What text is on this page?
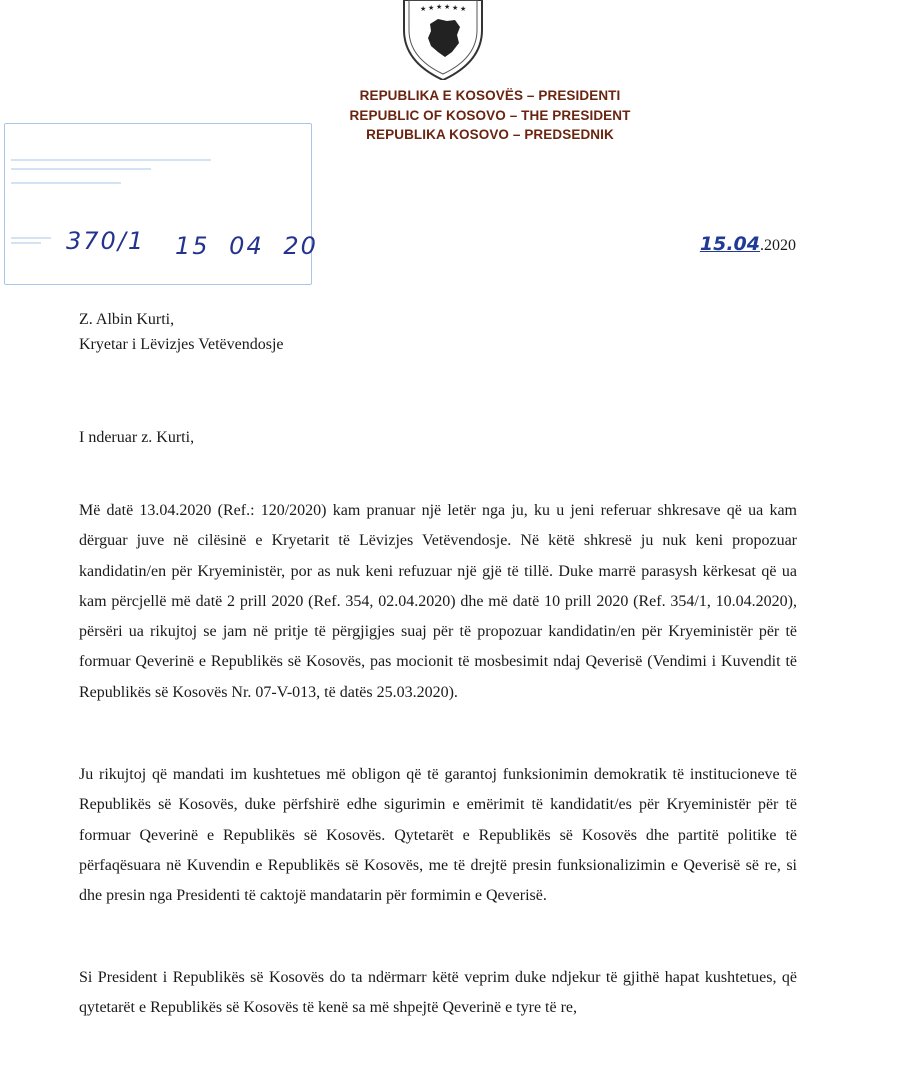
★ ★ ★ ★ ★ ★
REPUBLIKA E KOSOVËS – PRESIDENTI
REPUBLIC OF KOSOVO – THE PRESIDENT
REPUBLIKA KOSOVO – PREDSEDNIK
370/1 15 04 20	15.04.2020
Z. Albin Kurti,
Kryetar i Lëvizjes Vetëvendosje
I nderuar z. Kurti,
Më datë 13.04.2020 (Ref.: 120/2020) kam pranuar një letër nga ju, ku u jeni referuar shkresave që ua kam dërguar juve në cilësinë e Kryetarit të Lëvizjes Vetëvendosje. Në këtë shkresë ju nuk keni propozuar kandidatin/en për Kryeministër, por as nuk keni refuzuar një gjë të tillë. Duke marrë parasysh kërkesat që ua kam përcjellë më datë 2 prill 2020 (Ref. 354, 02.04.2020) dhe më datë 10 prill 2020 (Ref. 354/1, 10.04.2020), përsëri ua rikujtoj se jam në pritje të përgjigjes suaj për të propozuar kandidatin/en për Kryeministër për të formuar Qeverinë e Republikës së Kosovës, pas mocionit të mosbesimit ndaj Qeverisë (Vendimi i Kuvendit të Republikës së Kosovës Nr. 07-V-013, të datës 25.03.2020).
Ju rikujtoj që mandati im kushtetues më obligon që të garantoj funksionimin demokratik të institucioneve të Republikës së Kosovës, duke përfshirë edhe sigurimin e emërimit të kandidatit/es për Kryeministër për të formuar Qeverinë e Republikës së Kosovës. Qytetarët e Republikës së Kosovës dhe partitë politike të përfaqësuara në Kuvendin e Republikës së Kosovës, me të drejtë presin funksionalizimin e Qeverisë së re, si dhe presin nga Presidenti të caktojë mandatarin për formimin e Qeverisë.
Si President i Republikës së Kosovës do ta ndërmarr këtë veprim duke ndjekur të gjithë hapat kushtetues, që qytetarët e Republikës së Kosovës të kenë sa më shpejtë Qeverinë e tyre të re,
